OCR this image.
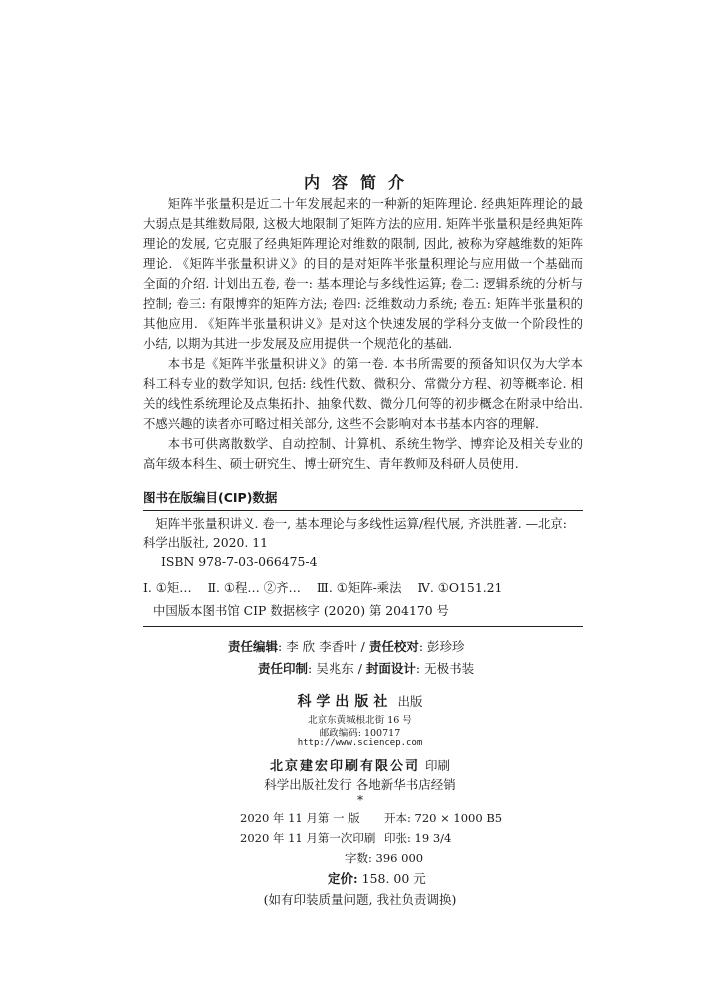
内容简介

矩阵半张量积是近二十年发展起来的一种新的矩阵理论. 经典矩阵理论的最大弱点是其维数局限, 这极大地限制了矩阵方法的应用. 矩阵半张量积是经典矩阵理论的发展, 它克服了经典矩阵理论对维数的限制, 因此, 被称为穿越维数的矩阵理论. 《矩阵半张量积讲义》的目的是对矩阵半张量积理论与应用做一个基础而全面的介绍. 计划出五卷, 卷一: 基本理论与多线性运算; 卷二: 逻辑系统的分析与控制; 卷三: 有限博弈的矩阵方法; 卷四: 泛维数动力系统; 卷五: 矩阵半张量积的其他应用. 《矩阵半张量积讲义》是对这个快速发展的学科分支做一个阶段性的小结, 以期为其进一步发展及应用提供一个规范化的基础.

本书是《矩阵半张量积讲义》的第一卷. 本书所需要的预备知识仅为大学本科工科专业的数学知识, 包括: 线性代数、微积分、常微分方程、初等概率论. 相关的线性系统理论及点集拓扑、抽象代数、微分几何等的初步概念在附录中给出. 不感兴趣的读者亦可略过相关部分, 这些不会影响对本书基本内容的理解.

本书可供离散数学、自动控制、计算机、系统生物学、博弈论及相关专业的高年级本科生、硕士研究生、博士研究生、青年教师及科研人员使用.

图书在版编目(CIP)数据

矩阵半张量积讲义. 卷一, 基本理论与多线性运算/程代展, 齐洪胜著. —北京: 科学出版社, 2020. 11

ISBN 978-7-03-066475-4

Ⅰ. ①矩… Ⅱ. ①程… ②齐… Ⅲ. ①矩阵-乘法 Ⅳ. ①O151.21

中国版本图书馆 CIP 数据核字 (2020) 第 204170 号

责任编辑: 李 欣 李香叶 / 责任校对: 彭珍珍
责任印制: 吴兆东 / 封面设计: 无极书装
科学出版社 出版
北京东黄城根北街 16 号
邮政编码: 100717
http://www.sciencep.com
北京建宏印刷有限公司 印刷
科学出版社发行 各地新华书店经销
*
2020 年 11 月第 一 版 开本: 720 × 1000 B5
2020 年 11 月第一次印刷 印张: 19 3/4
字数: 396 000
定价: 158. 00 元
(如有印装质量问题, 我社负责调换)
